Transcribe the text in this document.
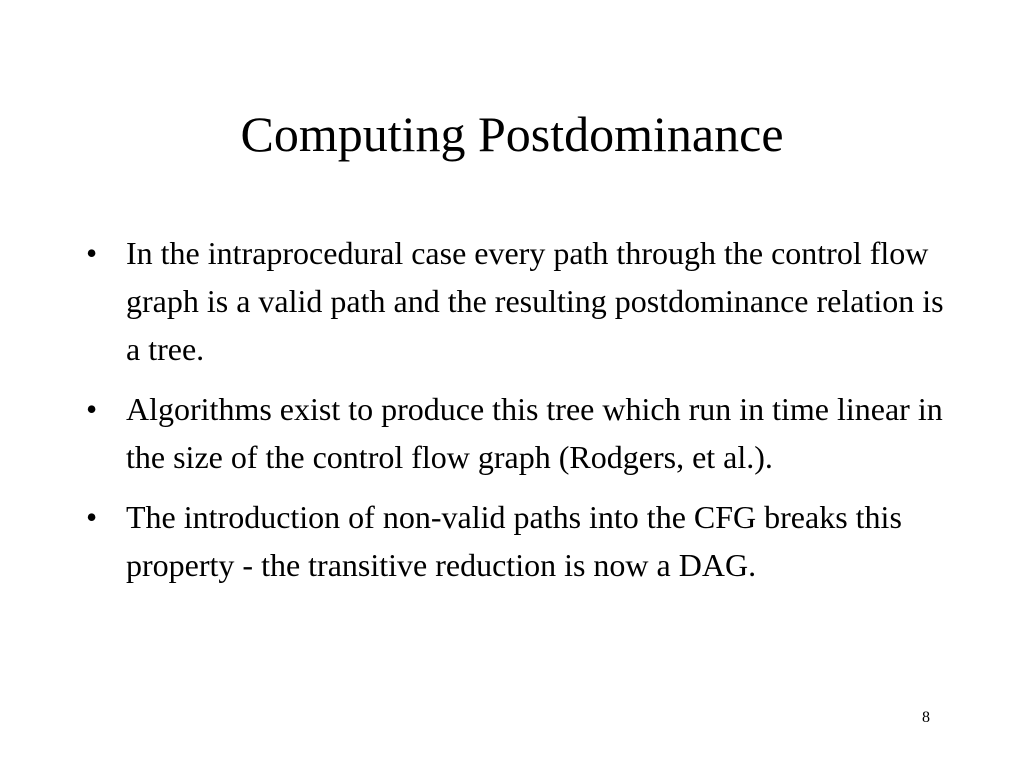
Computing Postdominance
• In the intraprocedural case every path through the control flow graph is a valid path and the resulting postdominance relation is a tree.
• Algorithms exist to produce this tree which run in time linear in the size of the control flow graph (Rodgers, et al.).
• The introduction of non-valid paths into the CFG breaks this property - the transitive reduction is now a DAG.
8
